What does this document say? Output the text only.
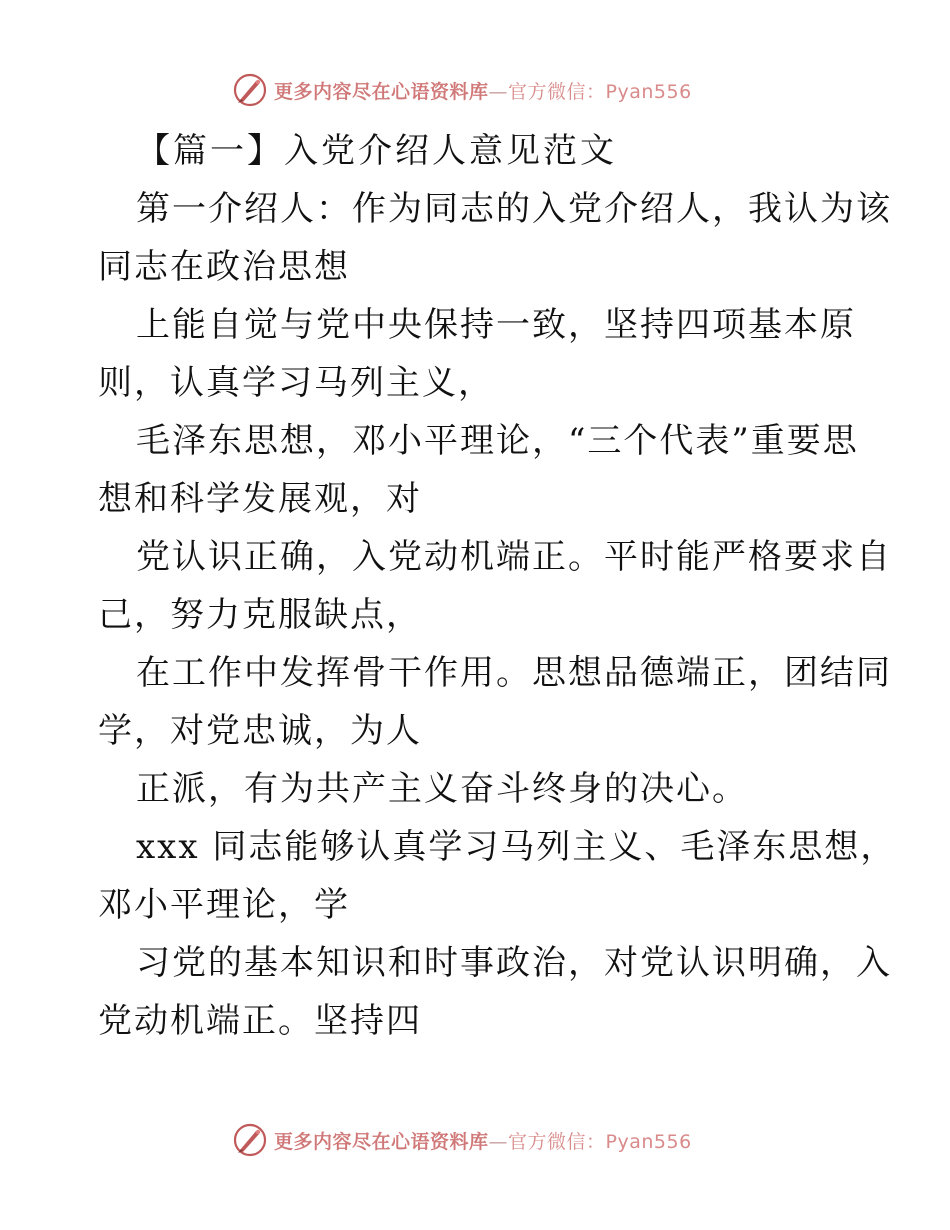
更多内容尽在心语资料库—官方微信：Pyan556
【篇一】入党介绍人意见范文
第一介绍人：作为同志的入党介绍人，我认为该
同志在政治思想
上能自觉与党中央保持一致，坚持四项基本原
则，认真学习马列主义，
毛泽东思想，邓小平理论，“三个代表”重要思
想和科学发展观，对
党认识正确，入党动机端正。平时能严格要求自
己，努力克服缺点，
在工作中发挥骨干作用。思想品德端正，团结同
学，对党忠诚，为人
正派，有为共产主义奋斗终身的决心。
xxx 同志能够认真学习马列主义、毛泽东思想，
邓小平理论，学
习党的基本知识和时事政治，对党认识明确，入
党动机端正。坚持四
更多内容尽在心语资料库—官方微信：Pyan556
